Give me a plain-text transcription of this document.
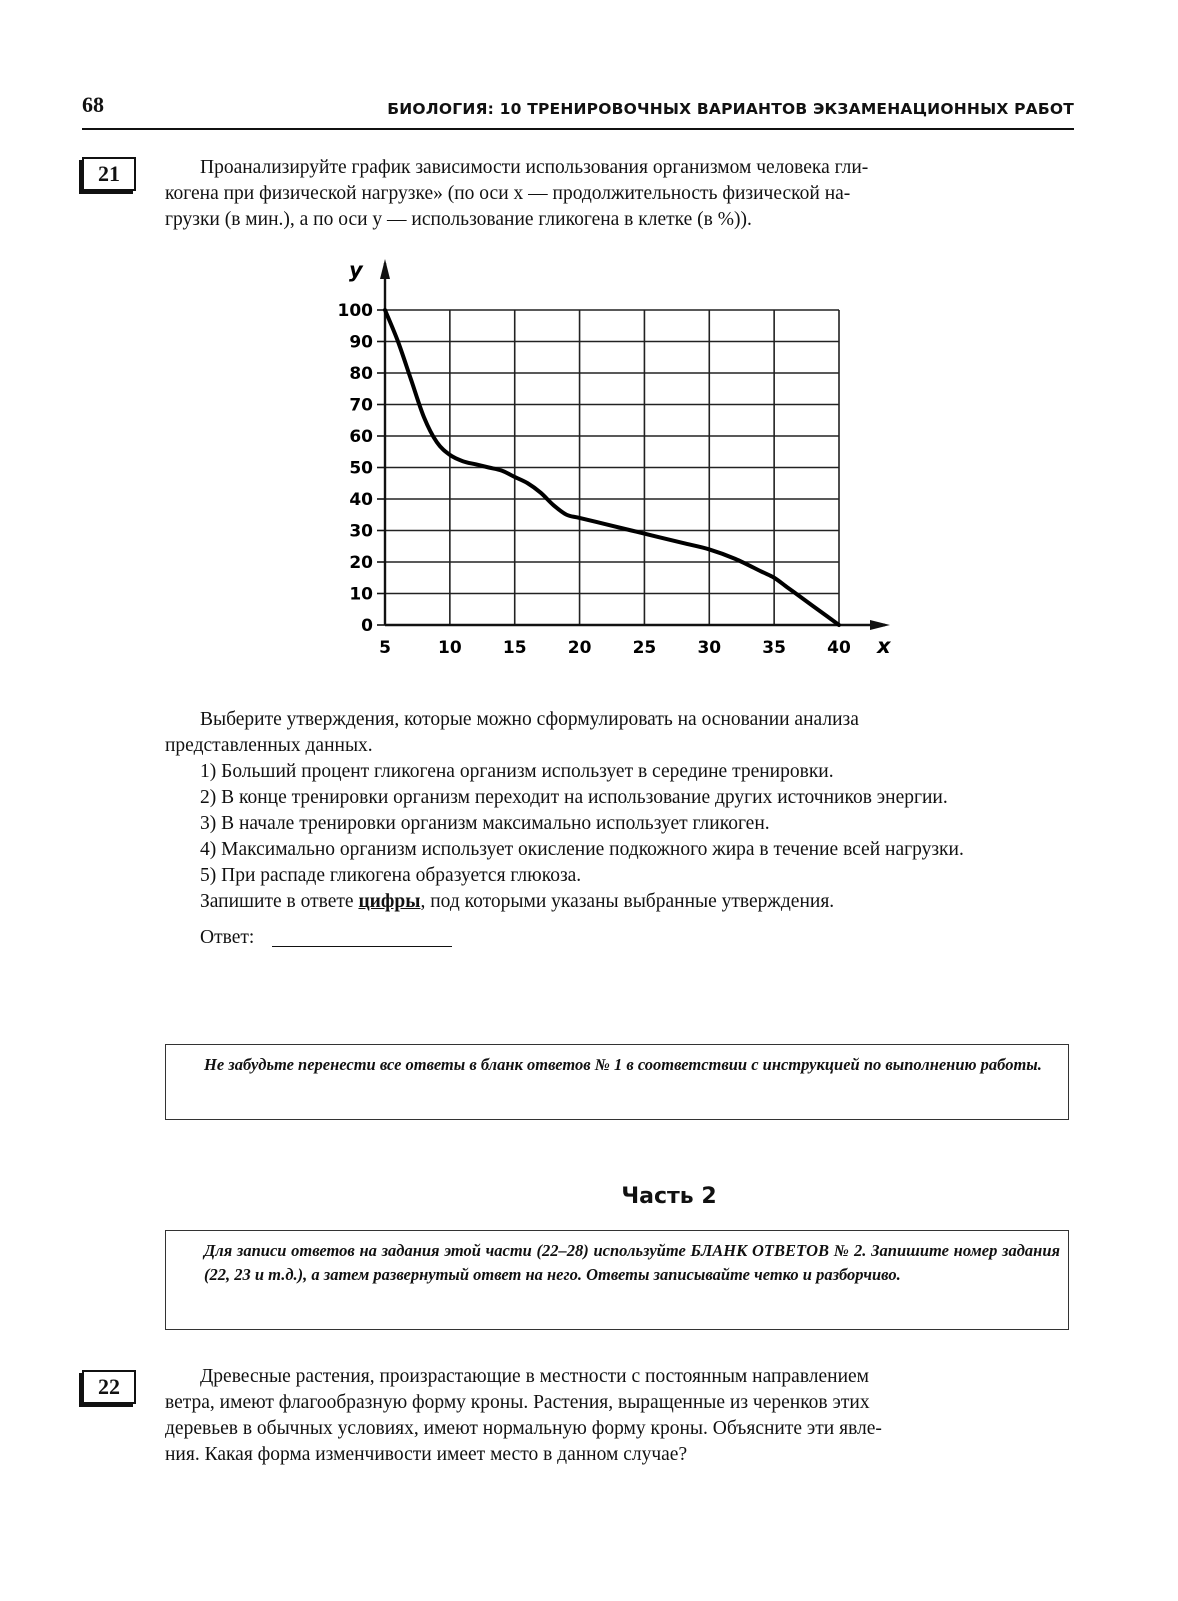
68	БИОЛОГИЯ: 10 ТРЕНИРОВОЧНЫХ ВАРИАНТОВ ЭКЗАМЕНАЦИОННЫХ РАБОТ
21	Проанализируйте график зависимости использования организмом человека гли-

когена при физической нагрузке» (по оси x — продолжительность физической на-

грузки (в мин.), а по оси y — использование гликогена в клетке (в %)).

y
x
0
10
20
30
40
50
60
70
80
90
100
5	10 15 20 25 30 35 40

Выберите утверждения, которые можно сформулировать на основании анализа

представленных данных.

1) Больший процент гликогена организм использует в середине тренировки.

2) В конце тренировки организм переходит на использование других источников энергии.

3) В начале тренировки организм максимально использует гликоген.

4) Максимально организм использует окисление подкожного жира в течение всей нагрузки.

5) При распаде гликогена образуется глюкоза.

Запишите в ответе цифры, под которыми указаны выбранные утверждения.

Ответ:

Не забудьте перенести все ответы в бланк ответов № 1 в соответствии с инструкцией по выполнению работы.
Часть 2
Для записи ответов на задания этой части (22–28) используйте БЛАНК ОТВЕТОВ № 2. Запишите номер задания (22, 23 и т.д.), а затем развернутый ответ на него. Ответы записывайте четко и разборчиво.
22	Древесные растения, произрастающие в местности с постоянным направлением

ветра, имеют флагообразную форму кроны. Растения, выращенные из черенков этих

деревьев в обычных условиях, имеют нормальную форму кроны. Объясните эти явле-

ния. Какая форма изменчивости имеет место в данном случае?
